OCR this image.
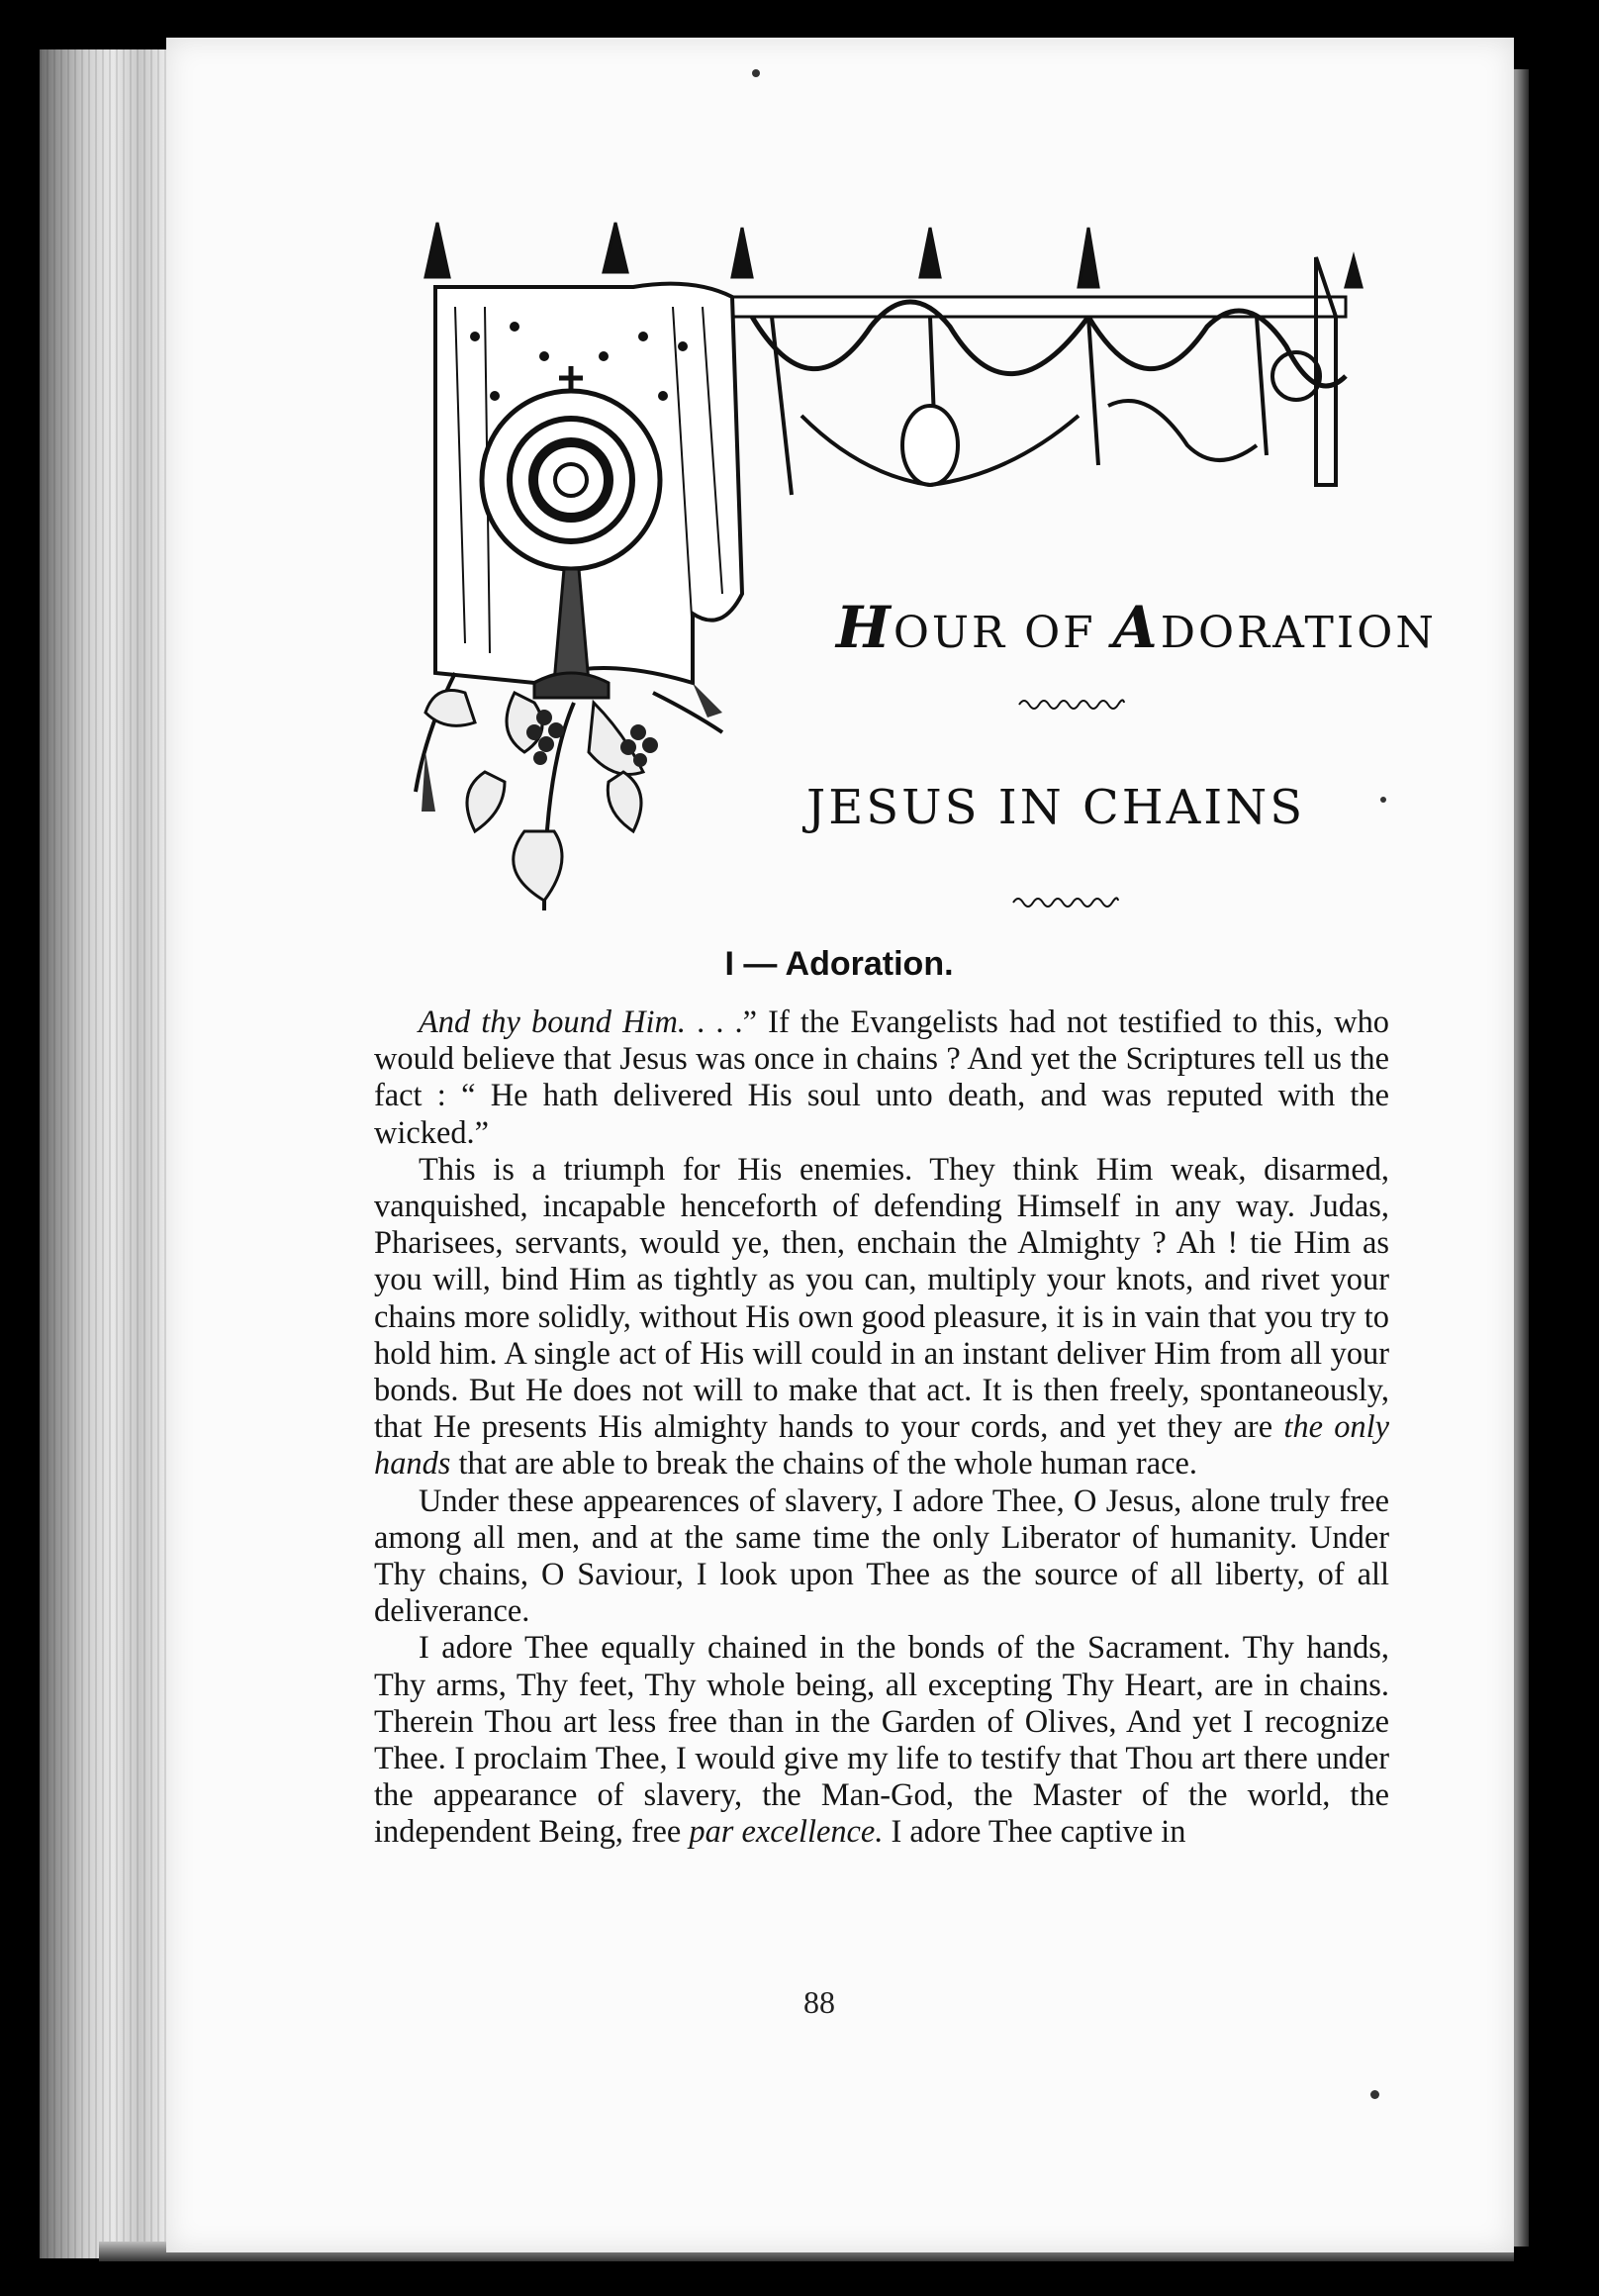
HOUR OF ADORATION
JESUS IN CHAINS
I — Adoration.

And thy bound Him. . . .” If the Evangelists had not testified to this, who would believe that Jesus was once in chains ? And yet the Scriptures tell us the fact : “ He hath delivered His soul unto death, and was reputed with the wicked.”

This is a triumph for His enemies. They think Him weak, disarmed, vanquished, incapable henceforth of defending Himself in any way. Judas, Pharisees, servants, would ye, then, enchain the Almighty ? Ah ! tie Him as you will, bind Him as tightly as you can, multiply your knots, and rivet your chains more solidly, without His own good pleasure, it is in vain that you try to hold him. A single act of His will could in an instant deliver Him from all your bonds. But He does not will to make that act. It is then freely, spontaneously, that He presents His almighty hands to your cords, and yet they are the only hands that are able to break the chains of the whole human race.

Under these appearences of slavery, I adore Thee, O Jesus, alone truly free among all men, and at the same time the only Liberator of humanity. Under Thy chains, O Saviour, I look upon Thee as the source of all liberty, of all deliverance.

I adore Thee equally chained in the bonds of the Sacrament. Thy hands, Thy arms, Thy feet, Thy whole being, all excepting Thy Heart, are in chains. Therein Thou art less free than in the Garden of Olives, And yet I recognize Thee. I proclaim Thee, I would give my life to testify that Thou art there under the appearance of slavery, the Man-God, the Master of the world, the independent Being, free par excellence. I adore Thee captive in

88
